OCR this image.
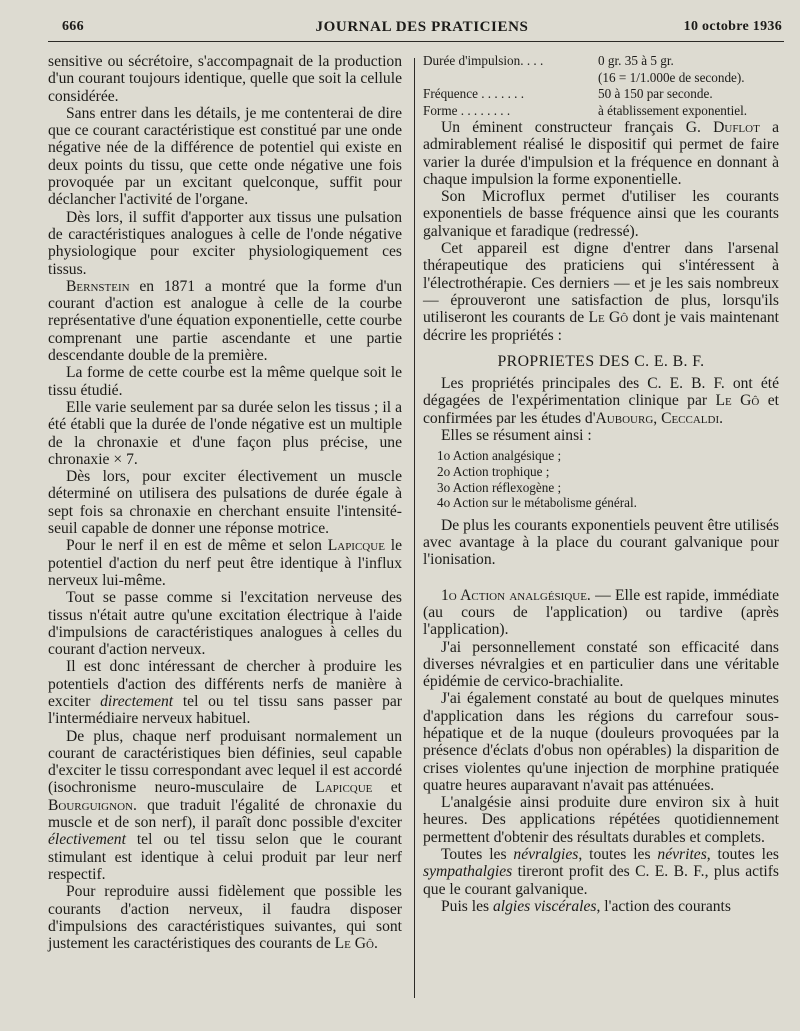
666	JOURNAL DES PRATICIENS	10 octobre 1936

sensitive ou sécrétoire, s'accompagnait de la production d'un courant toujours identique, quelle que soit la cellule considérée.

Sans entrer dans les détails, je me contenterai de dire que ce courant caractéristique est constitué par une onde négative née de la différence de potentiel qui existe en deux points du tissu, que cette onde négative une fois provoquée par un excitant quelconque, suffit pour déclancher l'activité de l'organe.

Dès lors, il suffit d'apporter aux tissus une pulsation de caractéristiques analogues à celle de l'onde négative physiologique pour exciter physiologiquement ces tissus.

Bernstein en 1871 a montré que la forme d'un courant d'action est analogue à celle de la courbe représentative d'une équation exponentielle, cette courbe comprenant une partie ascendante et une partie descendante double de la première.

La forme de cette courbe est la même quelque soit le tissu étudié.

Elle varie seulement par sa durée selon les tissus ; il a été établi que la durée de l'onde négative est un multiple de la chronaxie et d'une façon plus précise, une chronaxie × 7.

Dès lors, pour exciter électivement un muscle déterminé on utilisera des pulsations de durée égale à sept fois sa chronaxie en cherchant ensuite l'intensité-seuil capable de donner une réponse motrice.

Pour le nerf il en est de même et selon Lapicque le potentiel d'action du nerf peut être identique à l'influx nerveux lui-même.

Tout se passe comme si l'excitation nerveuse des tissus n'était autre qu'une excitation électrique à l'aide d'impulsions de caractéristiques analogues à celles du courant d'action nerveux.

Il est donc intéressant de chercher à produire les potentiels d'action des différents nerfs de manière à exciter directement tel ou tel tissu sans passer par l'intermédiaire nerveux habituel.

De plus, chaque nerf produisant normalement un courant de caractéristiques bien définies, seul capable d'exciter le tissu correspondant avec lequel il est accordé (isochronisme neuro-musculaire de Lapicque et Bourguignon. que traduit l'égalité de chronaxie du muscle et de son nerf), il paraît donc possible d'exciter électivement tel ou tel tissu selon que le courant stimulant est identique à celui produit par leur nerf respectif.

Pour reproduire aussi fidèlement que possible les courants d'action nerveux, il faudra disposer d'impulsions des caractéristiques suivantes, qui sont justement les caractéristiques des courants de Le Gô.

Durée d'impulsion. . . .	0 gr. 35 à 5 gr.
(16 = 1/1.000e de seconde).
Fréquence . . . . . . .	50 à 150 par seconde.
Forme . . . . . . . .	à établissement exponentiel.

Un éminent constructeur français G. Duflot a admirablement réalisé le dispositif qui permet de faire varier la durée d'impulsion et la fréquence en donnant à chaque impulsion la forme exponentielle.

Son Microflux permet d'utiliser les courants exponentiels de basse fréquence ainsi que les courants galvanique et faradique (redressé).

Cet appareil est digne d'entrer dans l'arsenal thérapeutique des praticiens qui s'intéressent à l'électrothérapie. Ces derniers — et je les sais nombreux — éprouveront une satisfaction de plus, lorsqu'ils utiliseront les courants de Le Gô dont je vais maintenant décrire les propriétés :

PROPRIETES DES C. E. B. F.

Les propriétés principales des C. E. B. F. ont été dégagées de l'expérimentation clinique par Le Gô et confirmées par les études d'Aubourg, Ceccaldi.

Elles se résument ainsi :

1o Action analgésique ;
2o Action trophique ;
3o Action réflexogène ;
4o Action sur le métabolisme général.

De plus les courants exponentiels peuvent être utilisés avec avantage à la place du courant galvanique pour l'ionisation.

1o Action analgésique. — Elle est rapide, immédiate (au cours de l'application) ou tardive (après l'application).

J'ai personnellement constaté son efficacité dans diverses névralgies et en particulier dans une véritable épidémie de cervico-brachialite.

J'ai également constaté au bout de quelques minutes d'application dans les régions du carrefour sous-hépatique et de la nuque (douleurs provoquées par la présence d'éclats d'obus non opérables) la disparition de crises violentes qu'une injection de morphine pratiquée quatre heures auparavant n'avait pas atténuées.

L'analgésie ainsi produite dure environ six à huit heures. Des applications répétées quotidiennement permettent d'obtenir des résultats durables et complets.

Toutes les névralgies, toutes les névrites, toutes les sympathalgies tireront profit des C. E. B. F., plus actifs que le courant galvanique.

Puis les algies viscérales, l'action des courants
